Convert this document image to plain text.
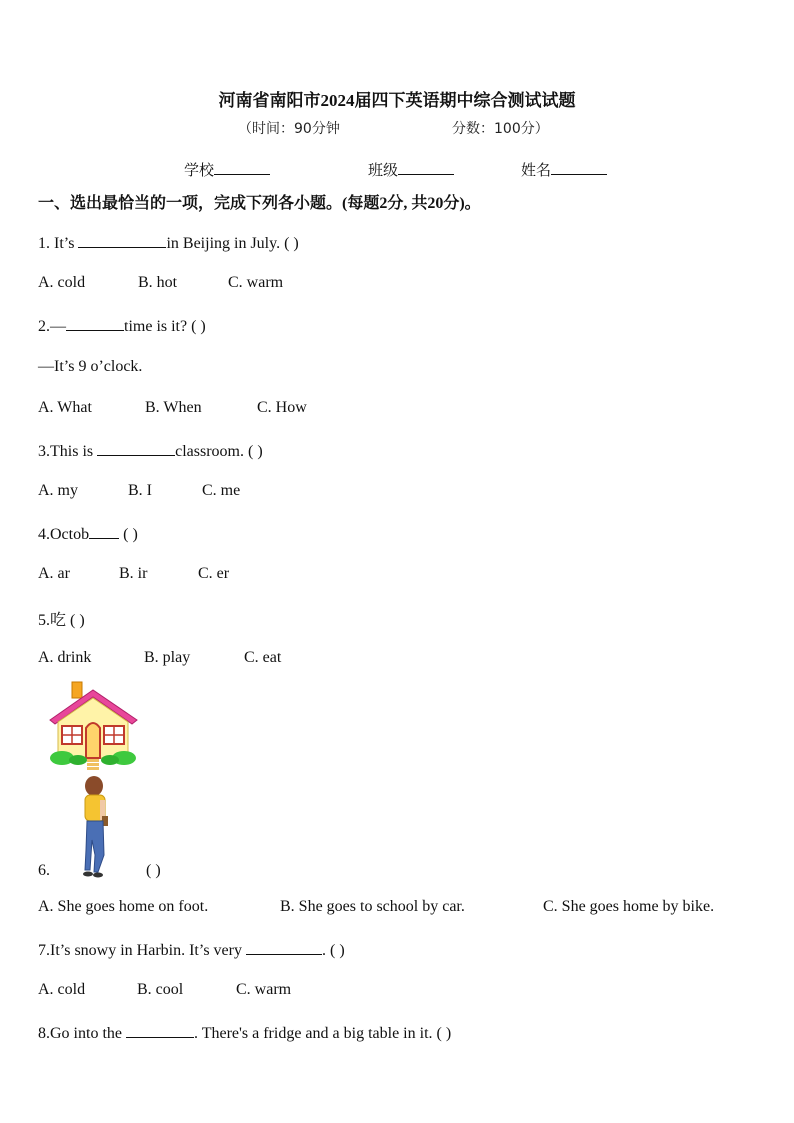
河南省南阳市2024届四下英语期中综合测试试题
（时间：90分钟	分数：100分）
学校	班级	姓名
一、选出最恰当的一项，完成下列各小题。(每题2分, 共20分)。
1. It’s	in Beijing in July. ( )
A. cold	B. hot	C. warm
2.—	time is it? ( )
—It’s 9 o’clock.
A. What	B. When	C. How
3.This is	classroom. ( )
A. my	B. I	C. me
4.Octob ( )
A. ar	B. ir	C. er
5.吃 ( )
A. drink	B. play	C. eat
6.	( )
A. She goes home on foot.	B. She goes to school by car.	C. She goes home by bike.
7.It’s snowy in Harbin. It’s very	. ( )
A. cold	B. cool	C. warm
8.Go into the	. There's a fridge and a big table in it. ( )
